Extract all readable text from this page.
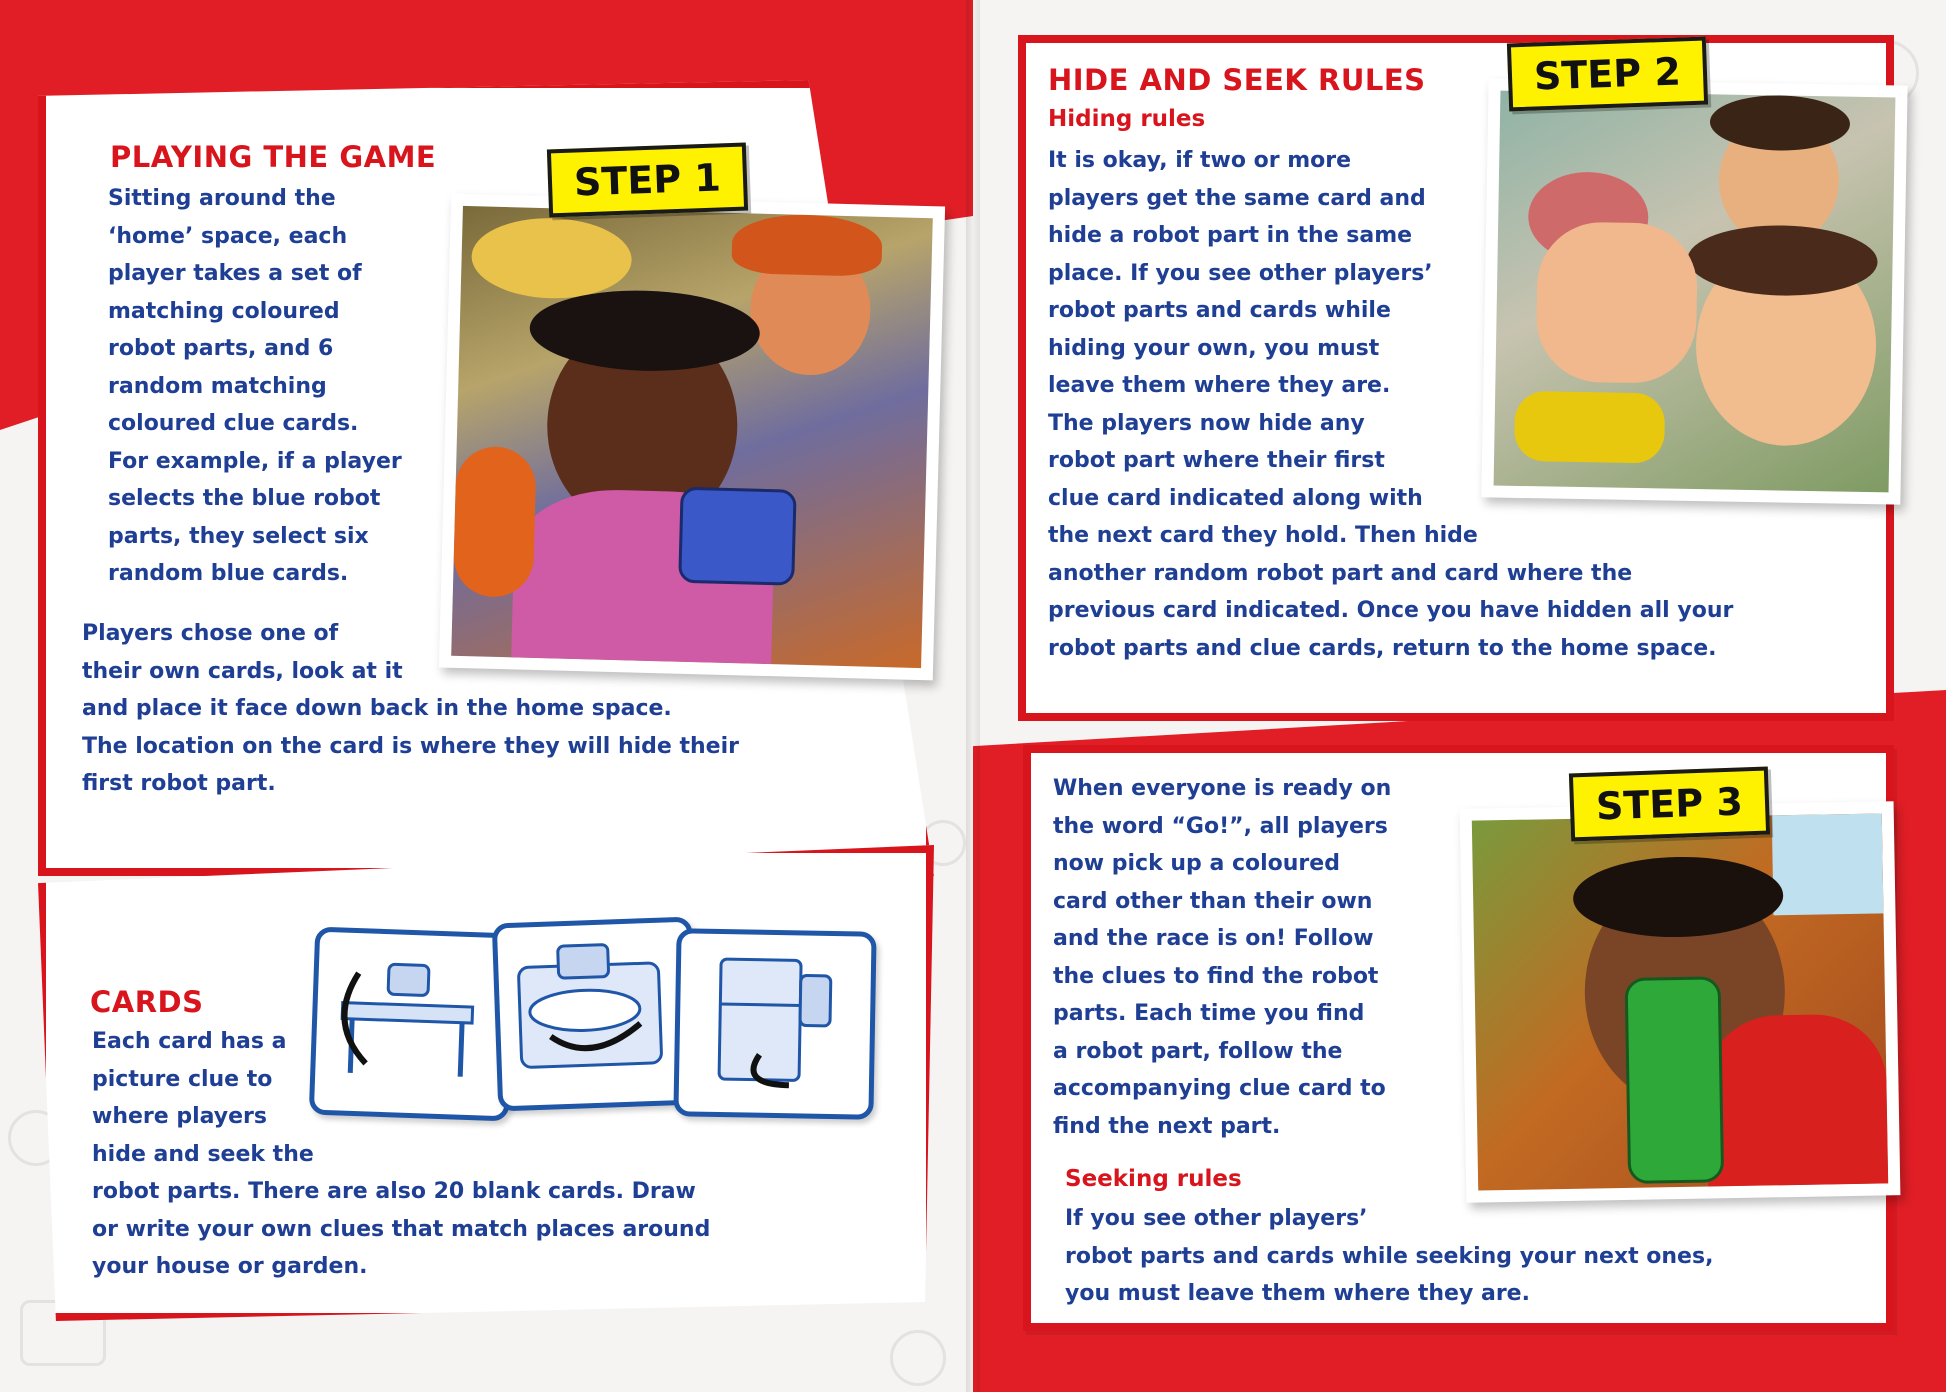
PLAYING THE GAME
Sitting around the
‘home’ space, each
player takes a set of
matching coloured
robot parts, and 6
random matching
coloured clue cards.
For example, if a player
selects the blue robot
parts, they select six
random blue cards.
Players chose one of
their own cards, look at it
and place it face down back in the home space.
The location on the card is where they will hide their
first robot part.
STEP 1
CARDS
Each card has a
picture clue to
where players
hide and seek the
robot parts. There are also 20 blank cards. Draw
or write your own clues that match places around
your house or garden.
HIDE AND SEEK RULES
Hiding rules
It is okay, if two or more
players get the same card and
hide a robot part in the same
place. If you see other players’
robot parts and cards while
hiding your own, you must
leave them where they are.
The players now hide any
robot part where their first
clue card indicated along with
the next card they hold. Then hide
another random robot part and card where the
previous card indicated. Once you have hidden all your
robot parts and clue cards, return to the home space.
STEP 2
When everyone is ready on
the word “Go!”, all players
now pick up a coloured
card other than their own
and the race is on! Follow
the clues to find the robot
parts. Each time you find
a robot part, follow the
accompanying clue card to
find the next part.
Seeking rules
If you see other players’
robot parts and cards while seeking your next ones,
you must leave them where they are.
STEP 3
